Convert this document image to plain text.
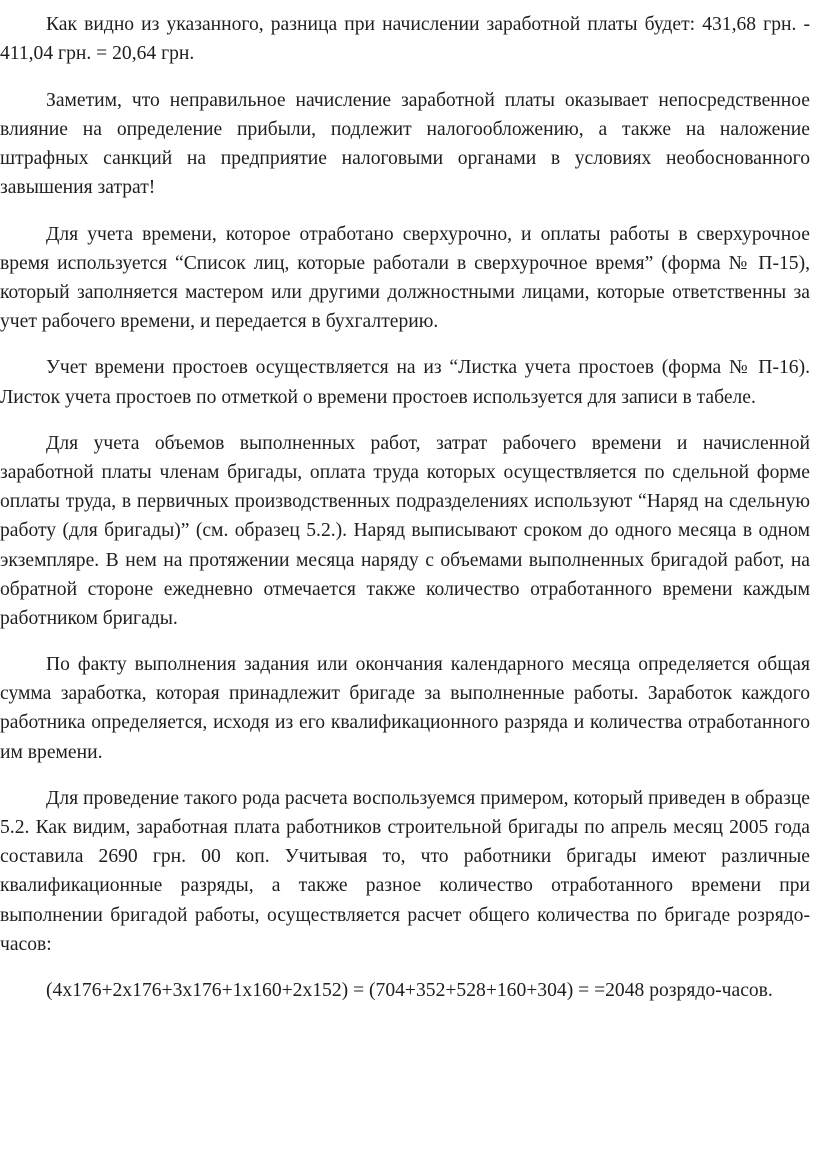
Как видно из указанного, разница при начислении заработной платы будет: 431,68 грн. - 411,04 грн. = 20,64 грн.

Заметим, что неправильное начисление заработной платы оказывает непосредственное влияние на определение прибыли, подлежит налогообложению, а также на наложение штрафных санкций на предприятие налоговыми органами в условиях необоснованного завышения затрат!

Для учета времени, которое отработано сверхурочно, и оплаты работы в сверхурочное время используется “Список лиц, которые работали в сверхурочное время” (форма № П-15), который заполняется мастером или другими должностными лицами, которые ответственны за учет рабочего времени, и передается в бухгалтерию.

Учет времени простоев осуществляется на из “Листка учета простоев (форма № П-16). Листок учета простоев по отметкой о времени простоев используется для записи в табеле.

Для учета объемов выполненных работ, затрат рабочего времени и начисленной заработной платы членам бригады, оплата труда которых осуществляется по сдельной форме оплаты труда, в первичных производственных подразделениях используют “Наряд на сдельную работу (для бригады)” (см. образец 5.2.). Наряд выписывают сроком до одного месяца в одном экземпляре. В нем на протяжении месяца наряду с объемами выполненных бригадой работ, на обратной стороне ежедневно отмечается также количество отработанного времени каждым работником бригады.

По факту выполнения задания или окончания календарного месяца определяется общая сумма заработка, которая принадлежит бригаде за выполненные работы. Заработок каждого работника определяется, исходя из его квалификационного разряда и количества отработанного им времени.

Для проведение такого рода расчета воспользуемся примером, который приведен в образце 5.2. Как видим, заработная плата работников строительной бригады по апрель месяц 2005 года составила 2690 грн. 00 коп. Учитывая то, что работники бригады имеют различные квалификационные разряды, а также разное количество отработанного времени при выполнении бригадой работы, осуществляется расчет общего количества по бригаде розрядо-часов:

(4x176+2x176+3x176+1x160+2x152) = (704+352+528+160+304) = =2048 розрядо-часов.
